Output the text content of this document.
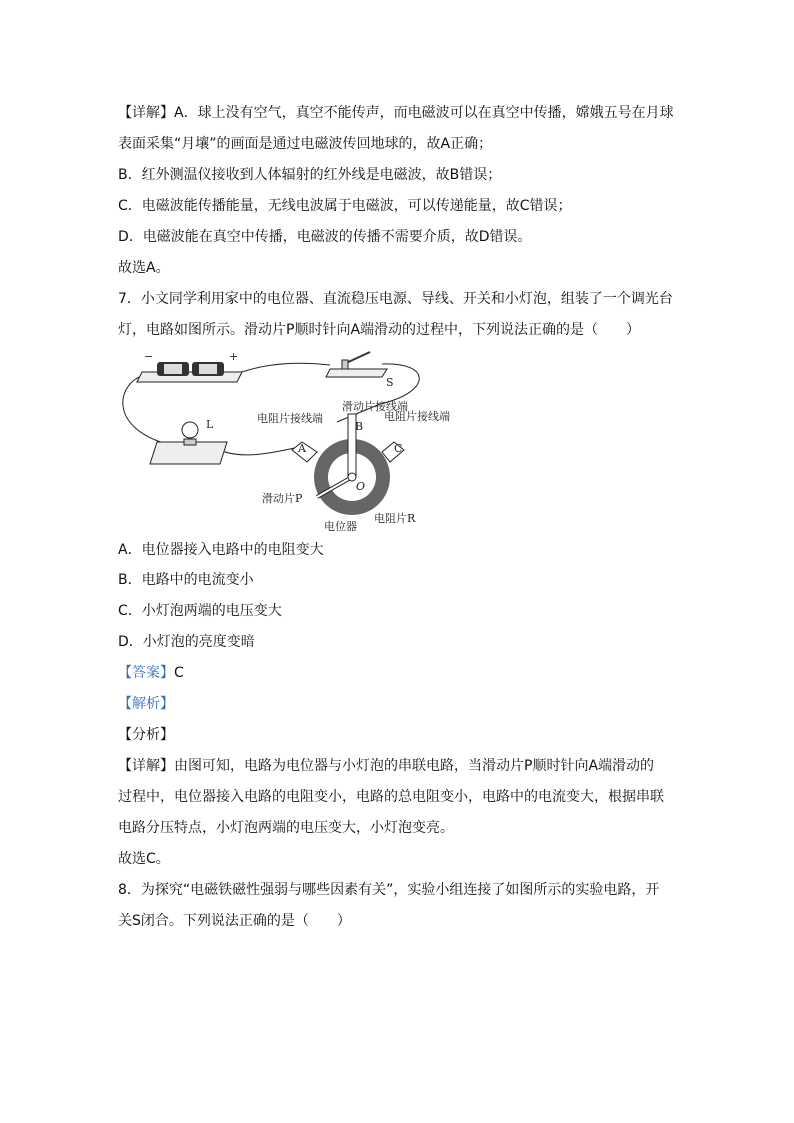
【详解】A．球上没有空气，真空不能传声，而电磁波可以在真空中传播，嫦娥五号在月球
表面采集“月壤”的画面是通过电磁波传回地球的，故A正确；
B．红外测温仪接收到人体辐射的红外线是电磁波，故B错误；
C．电磁波能传播能量，无线电波属于电磁波，可以传递能量，故C错误；
D．电磁波能在真空中传播，电磁波的传播不需要介质，故D错误。
故选A。
7．小文同学利用家中的电位器、直流稳压电源、导线、开关和小灯泡，组装了一个调光台
灯，电路如图所示。滑动片P顺时针向A端滑动的过程中，下列说法正确的是（　　）
−	+
S
L
滑动片接线端
电阻片接线端	电阻片接线端
A
B
C
O
滑动片P
电阻片R
电位器
A．电位器接入电路中的电阻变大
B．电路中的电流变小
C．小灯泡两端的电压变大
D．小灯泡的亮度变暗
【答案】C
【解析】
【分析】
【详解】由图可知，电路为电位器与小灯泡的串联电路，当滑动片P顺时针向A端滑动的
过程中，电位器接入电路的电阻变小，电路的总电阻变小，电路中的电流变大，根据串联
电路分压特点，小灯泡两端的电压变大，小灯泡变亮。
故选C。
8．为探究“电磁铁磁性强弱与哪些因素有关”，实验小组连接了如图所示的实验电路，开
关S闭合。下列说法正确的是（　　）
